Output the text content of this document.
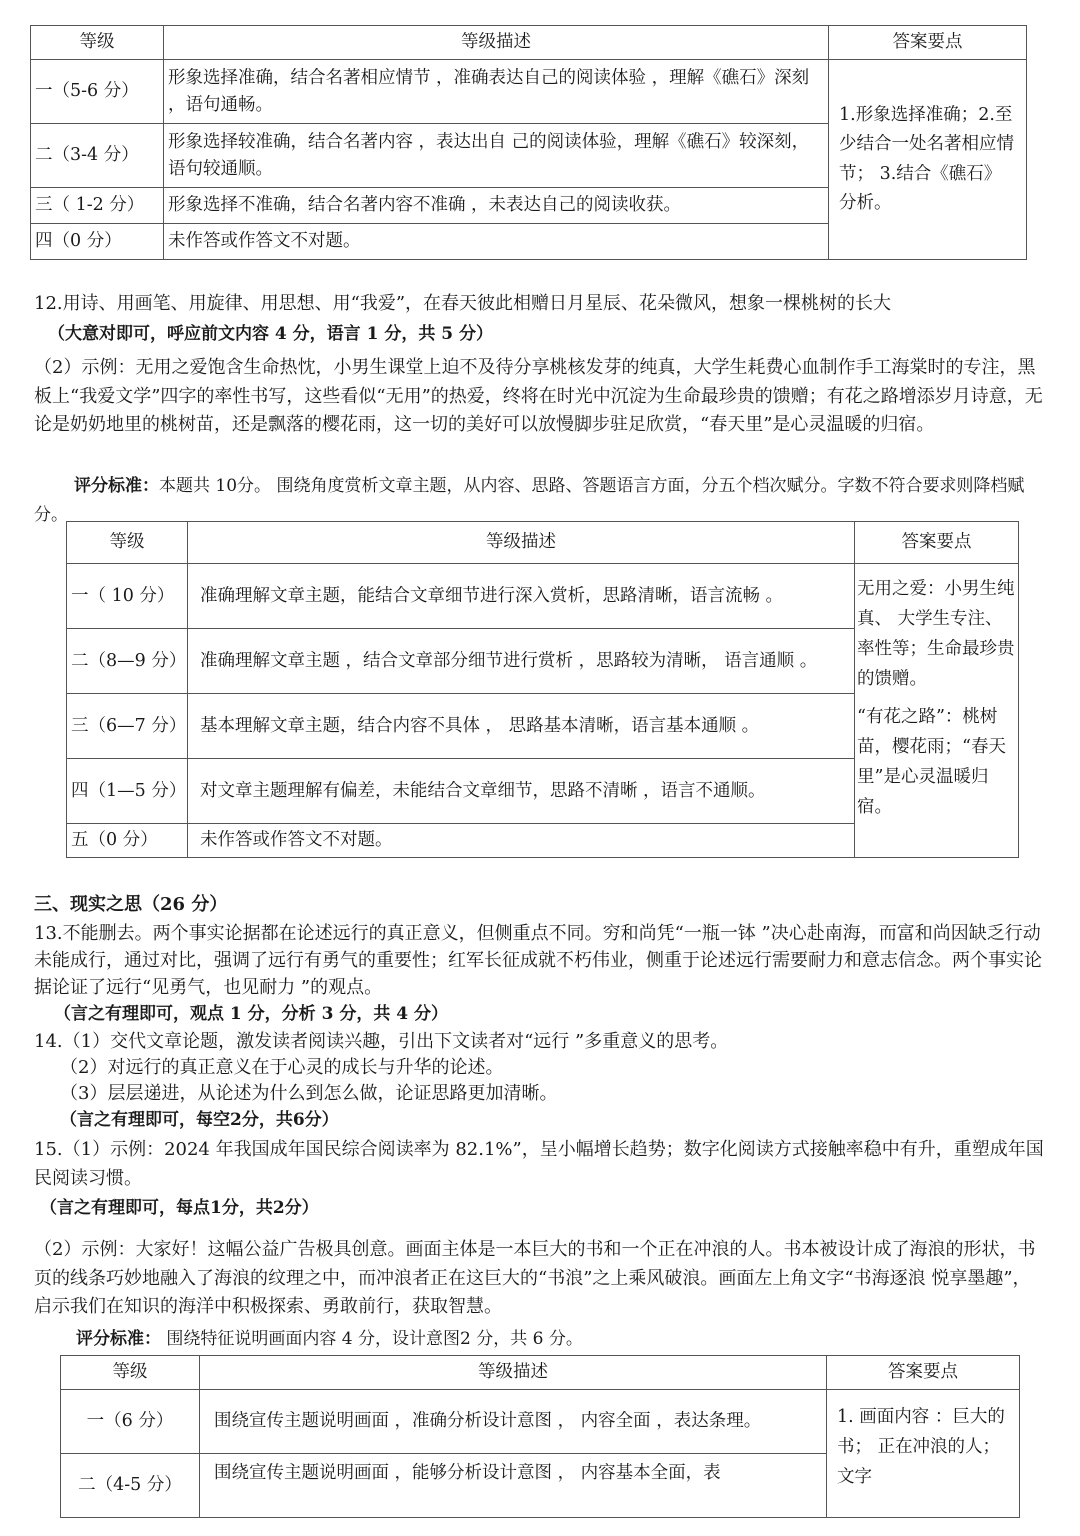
等级	等级描述	答案要点
一（5-6 分）	形象选择准确，结合名著相应情节 ，准确表达自己的阅读体验 ，理解《礁石》深刻 ，语句通畅。	1.形象选择准确；2.至少结合一处名著相应情节； 3.结合《礁石》分析。
二（3-4 分）	形象选择较准确，结合名著内容 ，表达出自 己的阅读体验，理解《礁石》较深刻，语句较通顺。	
三（ 1-2 分）	形象选择不准确，结合名著内容不准确 ，未表达自己的阅读收获。	
四（0 分）	未作答或作答文不对题。	

12.用诗、用画笔、用旋律、用思想、用“我爱”，在春天彼此相赠日月星辰、花朵微风，想象一棵桃树的长大

（大意对即可，呼应前文内容 4 分，语言 1 分，共 5 分）

（2）示例：无用之爱饱含生命热忱，小男生课堂上迫不及待分享桃核发芽的纯真，大学生耗费心血制作手工海棠时的专注，黑板上“我爱文学”四字的率性书写，这些看似“无用”的热爱，终将在时光中沉淀为生命最珍贵的馈赠；有花之路增添岁月诗意，无论是奶奶地里的桃树苗，还是飘落的樱花雨，这一切的美好可以放慢脚步驻足欣赏，“春天里”是心灵温暖的归宿。

评分标准：本题共 10分。 围绕角度赏析文章主题，从内容、思路、答题语言方面，分五个档次赋分。字数不符合要求则降档赋分。

等级	等级描述	答案要点
一（ 10 分）	准确理解文章主题，能结合文章细节进行深入赏析，思路清晰，语言流畅 。	无用之爱：小男生纯真、 大学生专注、率性等；生命最珍贵的馈赠。
“有花之路”：桃树苗，樱花雨；“春天里”是心灵温暖归宿。

二（8—9 分）	准确理解文章主题 ，结合文章部分细节进行赏析 ，思路较为清晰， 语言通顺 。	
三（6—7 分）	基本理解文章主题，结合内容不具体 ， 思路基本清晰，语言基本通顺 。	
四（1—5 分）	对文章主题理解有偏差，未能结合文章细节，思路不清晰 ，语言不通顺。	
五（0 分）	未作答或作答文不对题。	

三、现实之思（26 分）

13.不能删去。两个事实论据都在论述远行的真正意义，但侧重点不同。穷和尚凭“一瓶一钵 ”决心赴南海，而富和尚因缺乏行动未能成行，通过对比，强调了远行有勇气的重要性；红军长征成就不朽伟业，侧重于论述远行需要耐力和意志信念。两个事实论据论证了远行“见勇气，也见耐力 ”的观点。

（言之有理即可，观点 1 分，分析 3 分，共 4 分）

14.（1）交代文章论题，激发读者阅读兴趣，引出下文读者对“远行 ”多重意义的思考。

（2）对远行的真正意义在于心灵的成长与升华的论述。

（3）层层递进，从论述为什么到怎么做，论证思路更加清晰。

（言之有理即可，每空2分，共6分）

15.（1）示例：2024 年我国成年国民综合阅读率为 82.1%”，呈小幅增长趋势；数字化阅读方式接触率稳中有升，重塑成年国民阅读习惯。

（言之有理即可，每点1分，共2分）

（2）示例：大家好！这幅公益广告极具创意。画面主体是一本巨大的书和一个正在冲浪的人。书本被设计成了海浪的形状，书页的线条巧妙地融入了海浪的纹理之中，而冲浪者正在这巨大的“书浪”之上乘风破浪。画面左上角文字“书海逐浪 悦享墨趣”，启示我们在知识的海洋中积极探索、勇敢前行，获取智慧。

评分标准： 围绕特征说明画面内容 4 分，设计意图2 分，共 6 分。

等级	等级描述	答案要点
一（6 分）	围绕宣传主题说明画面 ，准确分析设计意图 ， 内容全面 ，表达条理。	1. 画面内容 ：巨大的书； 正在冲浪的人；文字
二（4-5 分）	围绕宣传主题说明画面 ，能够分析设计意图 ， 内容基本全面，表	
